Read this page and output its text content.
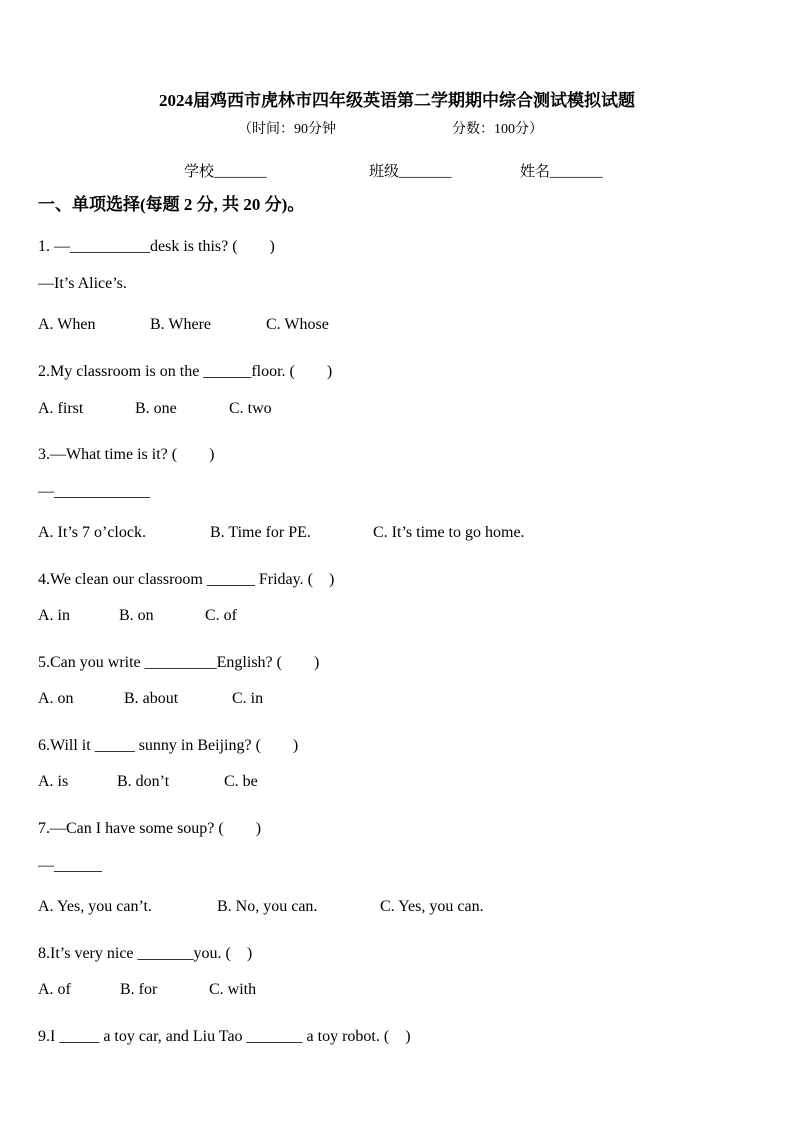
2024届鸡西市虎林市四年级英语第二学期期中综合测试模拟试题
（时间：90分钟	分数：100分）
学校_______	班级_______	姓名_______
一、单项选择(每题 2 分, 共 20 分)。
1. —__________desk is this? (　　)
—It’s Alice’s.
A. When	B. Where	C. Whose
2.My classroom is on the ______floor. (　　)
A. first	B. one	C. two
3.—What time is it? (　　)
—____________
A. It’s 7 o’clock.	B. Time for PE.	C. It’s time to go home.
4.We clean our classroom ______ Friday. (　)
A. in	B. on	C. of
5.Can you write _________English? (　　)
A. on	B. about	C. in
6.Will it _____ sunny in Beijing? (　　)
A. is	B. don’t	C. be
7.—Can I have some soup? (　　)
—______
A. Yes, you can’t.	B. No, you can.	C. Yes, you can.
8.It’s very nice _______you. (　)
A. of	B. for	C. with
9.I _____ a toy car, and Liu Tao _______ a toy robot. (　)
